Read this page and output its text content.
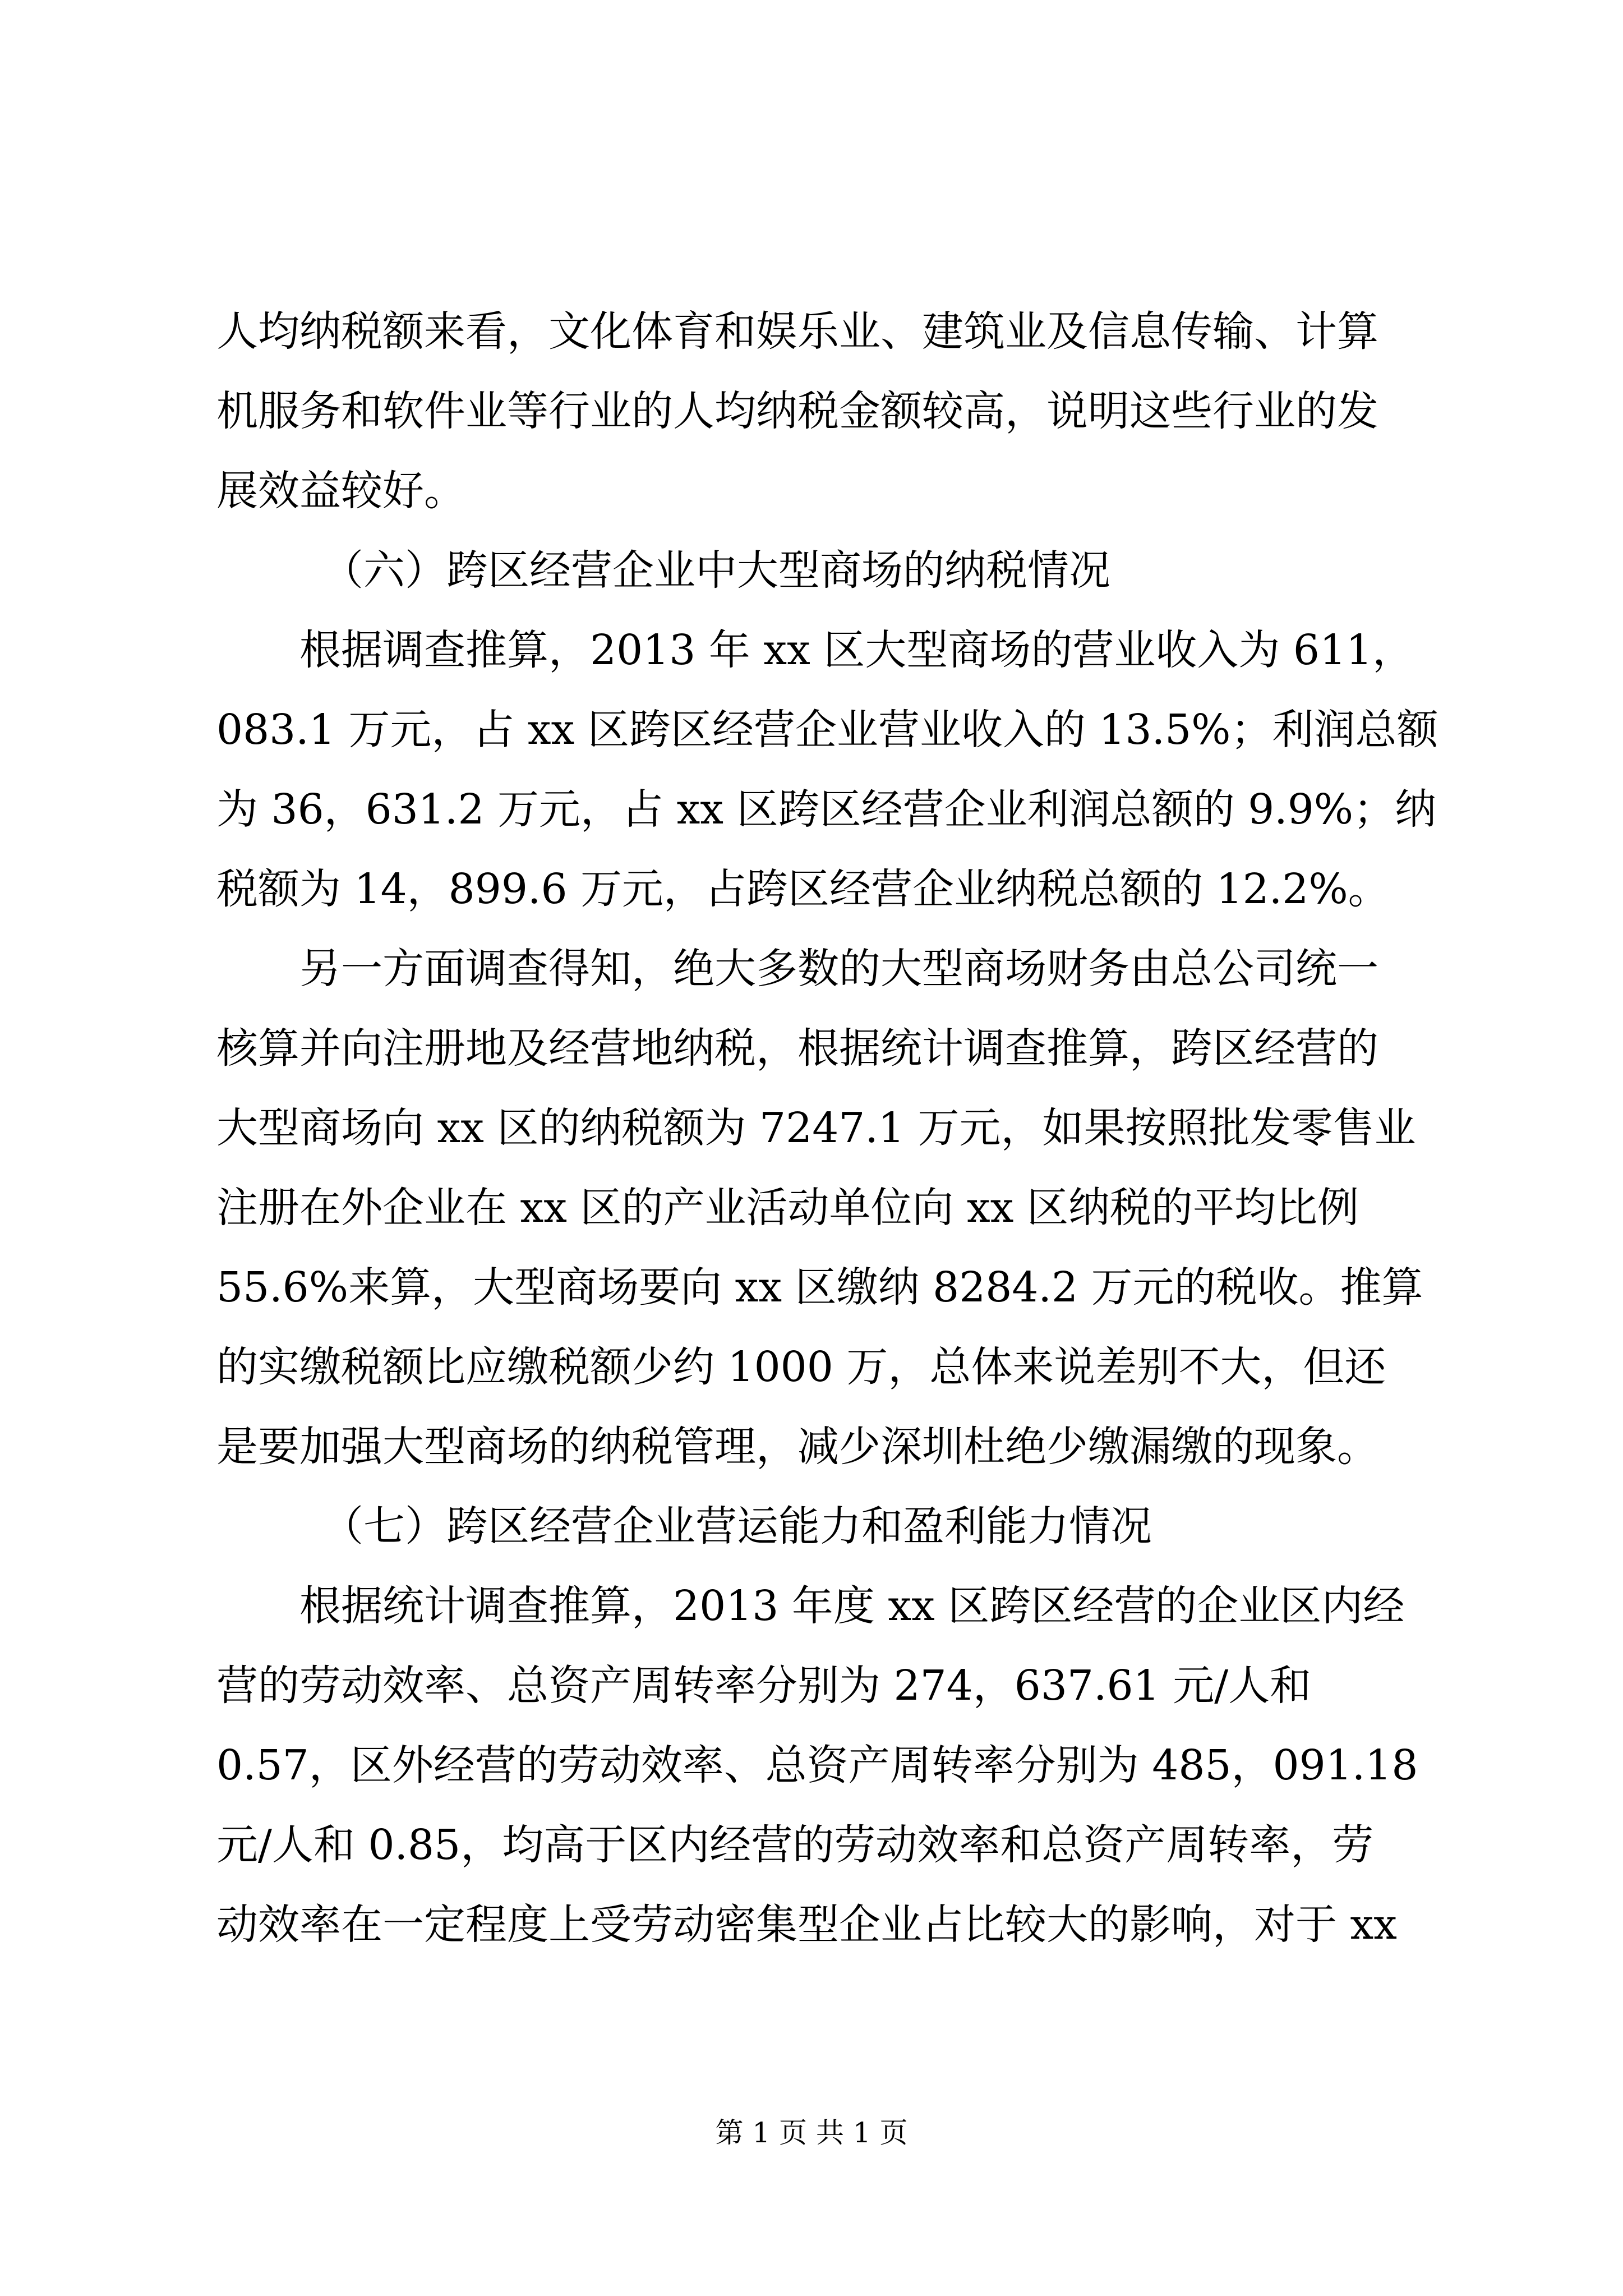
人均纳税额来看，文化体育和娱乐业、建筑业及信息传输、计算
机服务和软件业等行业的人均纳税金额较高，说明这些行业的发
展效益较好。
（六）跨区经营企业中大型商场的纳税情况
根据调查推算，2013 年 xx 区大型商场的营业收入为 611，
083.1 万元，占 xx 区跨区经营企业营业收入的 13.5%；利润总额
为 36，631.2 万元，占 xx 区跨区经营企业利润总额的 9.9%；纳
税额为 14，899.6 万元，占跨区经营企业纳税总额的 12.2%。
另一方面调查得知，绝大多数的大型商场财务由总公司统一
核算并向注册地及经营地纳税，根据统计调查推算，跨区经营的
大型商场向 xx 区的纳税额为 7247.1 万元，如果按照批发零售业
注册在外企业在 xx 区的产业活动单位向 xx 区纳税的平均比例
55.6%来算，大型商场要向 xx 区缴纳 8284.2 万元的税收。推算
的实缴税额比应缴税额少约 1000 万，总体来说差别不大，但还
是要加强大型商场的纳税管理，减少深圳杜绝少缴漏缴的现象。
（七）跨区经营企业营运能力和盈利能力情况
根据统计调查推算，2013 年度 xx 区跨区经营的企业区内经
营的劳动效率、总资产周转率分别为 274，637.61 元/人和
0.57，区外经营的劳动效率、总资产周转率分别为 485，091.18
元/人和 0.85，均高于区内经营的劳动效率和总资产周转率，劳
动效率在一定程度上受劳动密集型企业占比较大的影响，对于 xx
第 1 页 共 1 页
